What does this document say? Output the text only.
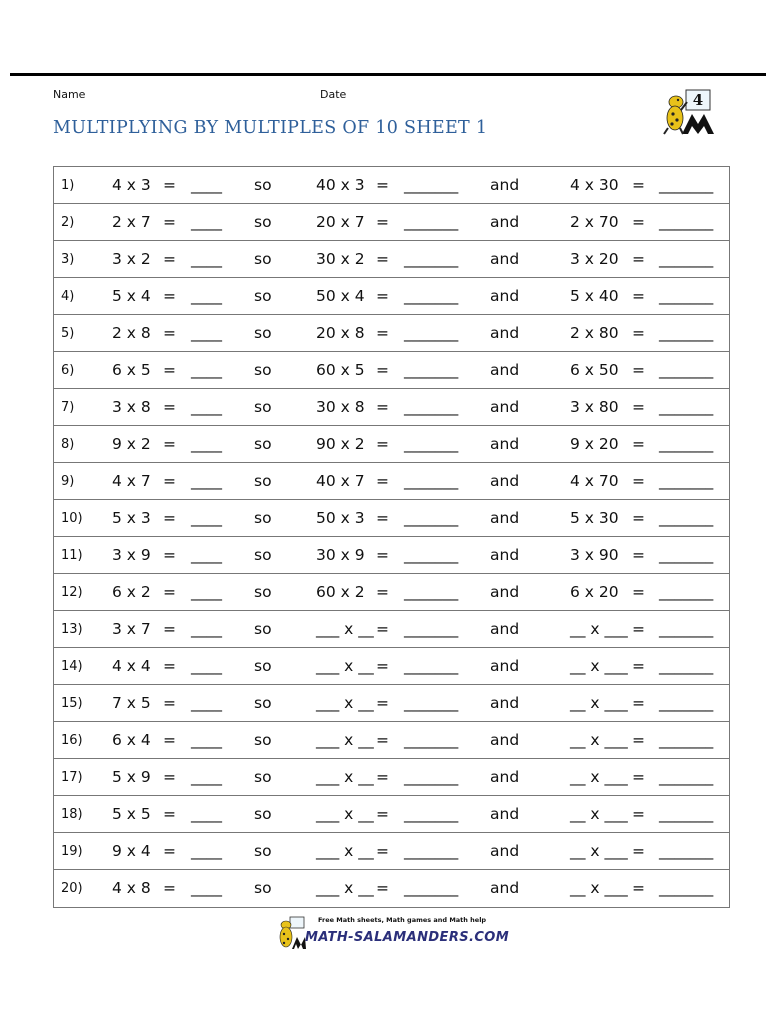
Name	Date
MULTIPLYING BY MULTIPLES OF 10 SHEET 1
4
1) 4 x 3 = ____ so	40 x 3 = _______ and	4 x 30 = _______
2) 2 x 7 = ____ so	20 x 7 = _______ and	2 x 70 = _______
3) 3 x 2 = ____ so	30 x 2 = _______ and	3 x 20 = _______
4) 5 x 4 = ____ so	50 x 4 = _______ and	5 x 40 = _______
5) 2 x 8 = ____ so	20 x 8 = _______ and	2 x 80 = _______
6) 6 x 5 = ____ so	60 x 5 = _______ and	6 x 50 = _______
7) 3 x 8 = ____ so	30 x 8 = _______ and	3 x 80 = _______
8) 9 x 2 = ____ so	90 x 2 = _______ and	9 x 20 = _______
9) 4 x 7 = ____ so	40 x 7 = _______ and	4 x 70 = _______
10) 5 x 3 = ____ so	50 x 3 = _______ and	5 x 30 = _______
11) 3 x 9 = ____ so	30 x 9 = _______ and	3 x 90 = _______
12) 6 x 2 = ____ so	60 x 2 = _______ and	6 x 20 = _______
13) 3 x 7 = ____ so	___ x __ = _______ and	__ x ___ = _______
14) 4 x 4 = ____ so	___ x __ = _______ and	__ x ___ = _______
15) 7 x 5 = ____ so	___ x __ = _______ and	__ x ___ = _______
16) 6 x 4 = ____ so	___ x __ = _______ and	__ x ___ = _______
17) 5 x 9 = ____ so	___ x __ = _______ and	__ x ___ = _______
18) 5 x 5 = ____ so	___ x __ = _______ and	__ x ___ = _______
19) 9 x 4 = ____ so	___ x __ = _______ and	__ x ___ = _______
20) 4 x 8 = ____ so	___ x __ = _______ and	__ x ___ = _______
Free Math sheets, Math games and Math help
MATH-SALAMANDERS.COM
